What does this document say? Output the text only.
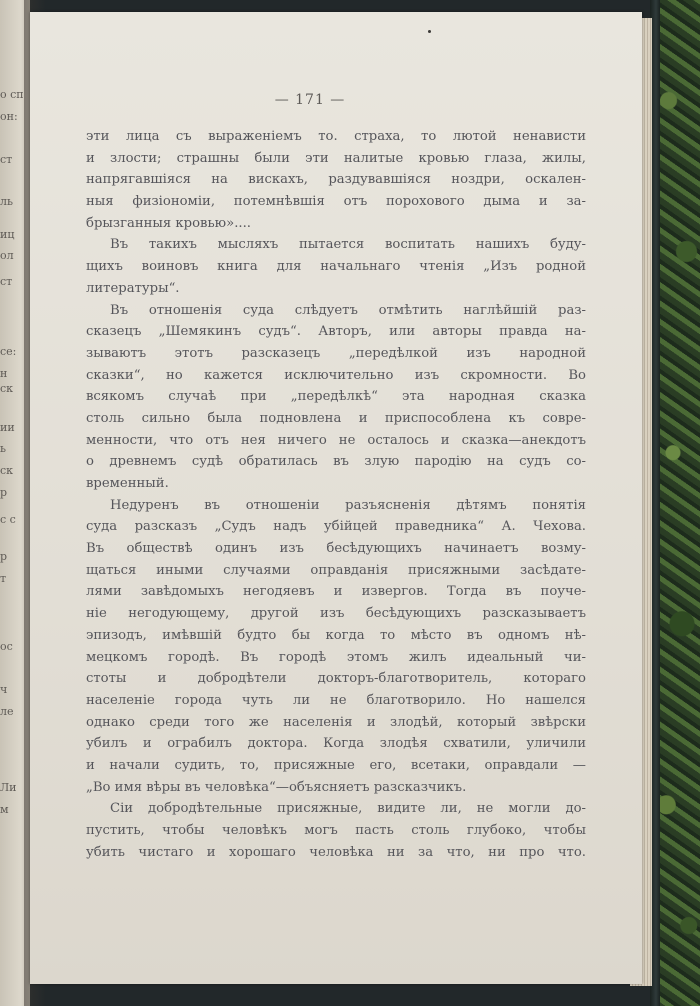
о сп
он:
ст
ль
иц
ол
ст
се:
н
ск
ии
ь
ск
р
с с
р
т
ос
ч
ле
Ли
м
— 171 —
эти лица съ выраженіемъ то. страха, то лютой ненависти
и злости; страшны были эти налитые кровью глаза, жилы,
напрягавшіяся на вискахъ, раздувавшіяся ноздри, оскален-
ныя физіономіи, потемнѣвшія отъ порохового дыма и за-
брызганныя кровью»....
Въ такихъ мысляхъ пытается воспитать нашихъ буду-
щихъ воиновъ книга для начальнаго чтенія „Изъ родной
литературы“.
Въ отношенія суда слѣдуетъ отмѣтить наглѣйшій раз-
сказецъ „Шемякинъ судъ“. Авторъ, или авторы правда на-
зываютъ этотъ разсказецъ „передѣлкой изъ народной
сказки“, но кажется исключительно изъ скромности. Во
всякомъ случаѣ при „передѣлкѣ“ эта народная сказка
столь сильно была подновлена и приспособлена къ совре-
менности, что отъ нея ничего не осталось и сказка—анекдотъ
о древнемъ судѣ обратилась въ злую пародію на судъ со-
временный.
Недуренъ въ отношеніи разъясненія дѣтямъ понятія
суда разсказъ „Судъ надъ убійцей праведника“ А. Чехова.
Въ обществѣ одинъ изъ бесѣдующихъ начинаетъ возму-
щаться иными случаями оправданія присяжными засѣдате-
лями завѣдомыхъ негодяевъ и извергов. Тогда въ поуче-
ніе негодующему, другой изъ бесѣдующихъ разсказываетъ
эпизодъ, имѣвшій будто бы когда то мѣсто въ одномъ нѣ-
мецкомъ городѣ. Въ городѣ этомъ жилъ идеальный чи-
стоты и добродѣтели докторъ-благотворитель, котораго
населеніе города чуть ли не благотворило. Но нашелся
однако среди того же населенія и злодѣй, который звѣрски
убилъ и ограбилъ доктора. Когда злодѣя схватили, уличили
и начали судить, то, присяжные его, всетаки, оправдали —
„Во имя вѣры въ человѣка“—объясняетъ разсказчикъ.
Сіи добродѣтельные присяжные, видите ли, не могли до-
пустить, чтобы человѣкъ могъ пасть столь глубоко, чтобы
убить чистаго и хорошаго человѣка ни за что, ни про что.
